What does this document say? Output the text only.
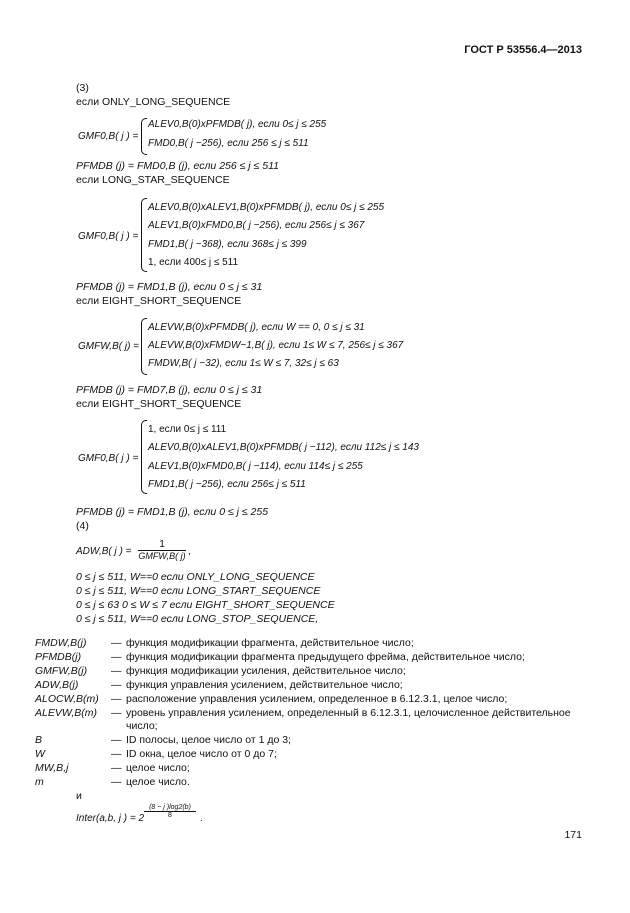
ГОСТ Р 53556.4—2013
(3)
если ONLY_LONG_SEQUENCE
GMF0,B( j ) =
ALEV0,B(0)xPFMDB( j), если 0≤ j ≤ 255
FMD0,B( j −256), если 256 ≤ j ≤ 511
PFMDB (j) = FMD0,B (j), если 256 ≤ j ≤ 511
если LONG_STAR_SEQUENCE
GMF0,B( j ) =
ALEV0,B(0)xALEV1,B(0)xPFMDB( j), если 0≤ j ≤ 255
ALEV1,B(0)xFMD0,B( j −256), если 256≤ j ≤ 367
FMD1,B( j −368), если 368≤ j ≤ 399
1, если 400≤ j ≤ 511
PFMDB (j) = FMD1,B (j), если 0 ≤ j ≤ 31
если EIGHT_SHORT_SEQUENCE
GMFW,B( j) =
ALEVW,B(0)xPFMDB( j), если W == 0, 0 ≤ j ≤ 31
ALEVW,B(0)xFMDW−1,B( j), если 1≤ W ≤ 7, 256≤ j ≤ 367
FMDW,B( j −32), если 1≤ W ≤ 7, 32≤ j ≤ 63
PFMDB (j) = FMD7,B (j), если 0 ≤ j ≤ 31
если EIGHT_SHORT_SEQUENCE
GMF0,B( j ) =
1, если 0≤ j ≤ 111
ALEV0,B(0)xALEV1,B(0)xPFMDB( j −112), если 112≤ j ≤ 143
ALEV1,B(0)xFMD0,B( j −114), если 114≤ j ≤ 255
FMD1,B( j −256), если 256≤ j ≤ 511
PFMDB (j) = FMD1,B (j), если 0 ≤ j ≤ 255
(4)
ADW,B( j ) =
1
GMFW,B( j) ,
0 ≤ j ≤ 511, W==0 если ONLY_LONG_SEQUENCE
0 ≤ j ≤ 511, W==0 если LONG_START_SEQUENCE
0 ≤ j ≤ 63 0 ≤ W ≤ 7 если EIGHT_SHORT_SEQUENCE
0 ≤ j ≤ 511, W==0 если LONG_STOP_SEQUENCE,
FMDW,B(j)	— функция модификации фрагмента, действительное число;
PFMDB(j)	— функция модификации фрагмента предыдущего фрейма, действительное число;
GMFW,B(j)	— функция модификации усиления, действительное число;
ADW,B(j)	— функция управления усилением, действительное число;
ALOCW,B(m)	— расположение управления усилением, определенное в 6.12.3.1, целое число;
ALEVW,B(m)	— уровень управления усилением, определенный в 6.12.3.1, целочисленное действительное
число;
B	— ID полосы, целое число от 1 до 3;
W	— ID окна, целое число от 0 до 7;
MW,B,j	— целое число;
m	— целое число.
и
Inter(a,b, j ) = $2 \frac{(8 - j )\log 2(b)}{8}$ .
171
